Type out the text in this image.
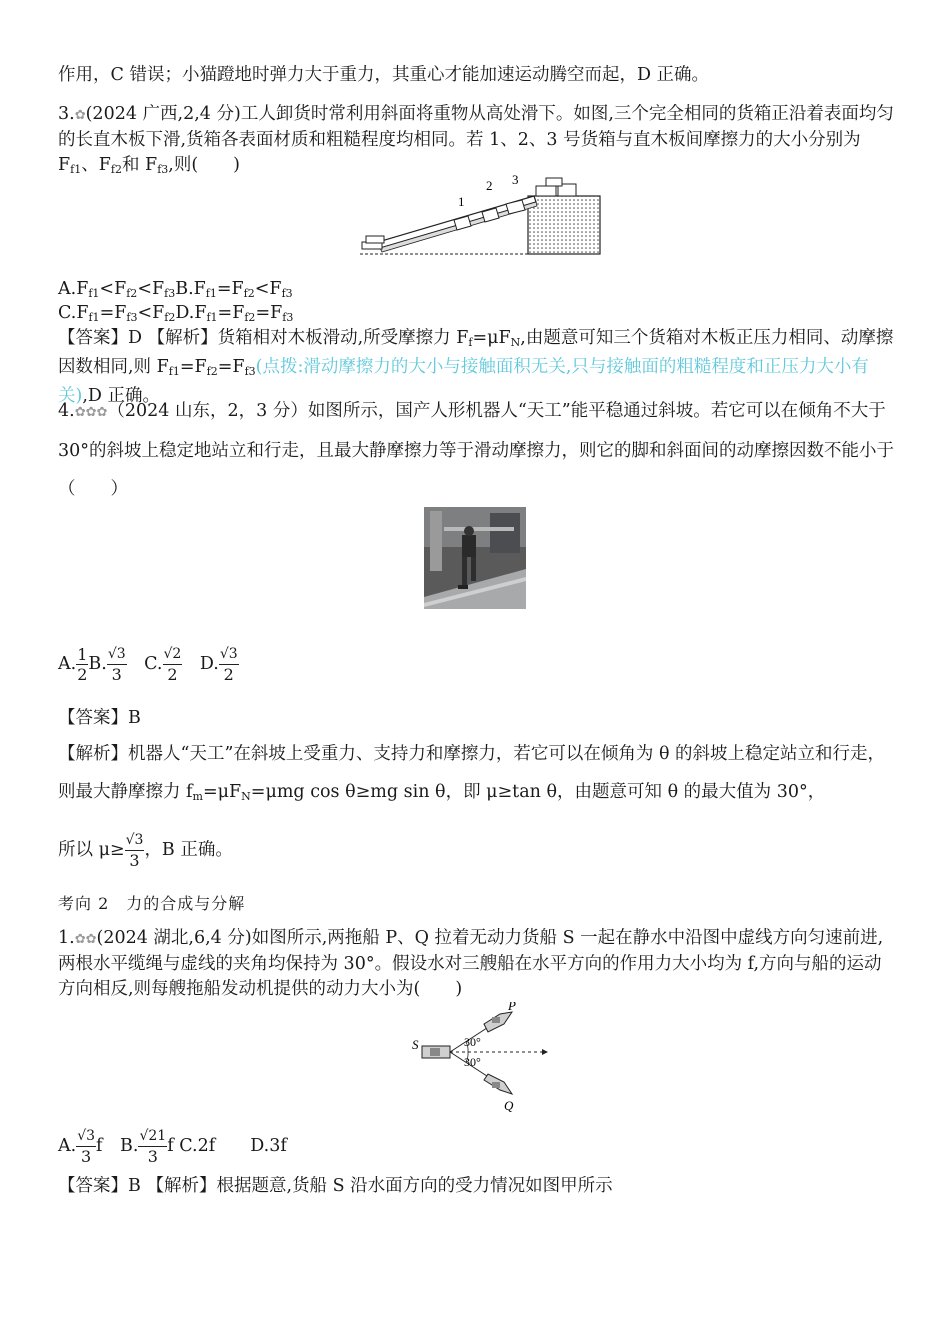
作用，C 错误；小猫蹬地时弹力大于重力，其重心才能加速运动腾空而起，D 正确。
3.✿(2024 广西,2,4 分)工人卸货时常利用斜面将重物从高处滑下。如图,三个完全相同的货箱正沿着表面均匀的长直木板下滑,货箱各表面材质和粗糙程度均相同。若 1、2、3 号货箱与直木板间摩擦力的大小分别为 $F_{f1}$、$F_{f2}$和 $F_{f3}$,则(　　)
1
2 3
$A.F_{f1}<F_{f2}<F_{f3}B.F_{f1}=F_{f2}<F_{f3}$
$C.F_{f1}=F_{f3}<F_{f2}D.F_{f1}=F_{f2}=F_{f3}$
【答案】D 【解析】货箱相对木板滑动,所受摩擦力 $F_f=\mu F_N$,由题意可知三个货箱对木板正压力相同、动摩擦因数相同,则 $F_{f1}=F_{f2}=F_{f3}$(点拨:滑动摩擦力的大小与接触面积无关,只与接触面的粗糙程度和正压力大小有关),D 正确。
4.✿✿✿（2024 山东，2，3 分）如图所示，国产人形机器人“天工”能平稳通过斜坡。若它可以在倾角不大于 30°的斜坡上稳定地站立和行走，且最大静摩擦力等于滑动摩擦力，则它的脚和斜面间的动摩擦因数不能小于（　　）
A. $\frac{1}{2} B$. $\frac{√3}{3}$
　 C. $\frac{√2}{2}$
　 D. $\frac{√3}{2}$
【答案】B
【解析】机器人“天工”在斜坡上受重力、支持力和摩擦力，若它可以在倾角为 θ 的斜坡上稳定站立和行走，则最大静摩擦力 $f_m=\mu F_N=\mu mg$ cos θ≥mg sin θ，即 μ≥tan θ，由题意可知 θ 的最大值为 30°，
所以 $\mu\ge \frac{√3}{3}$ ，B 正确。
考向 2　力的合成与分解
1.✿✿(2024 湖北,6,4 分)如图所示,两拖船 P、Q 拉着无动力货船 S 一起在静水中沿图中虚线方向匀速前进,两根水平缆绳与虚线的夹角均保持为 30°。假设水对三艘船在水平方向的作用力大小均为 f,方向与船的运动方向相反,则每艘拖船发动机提供的动力大小为(　　)
S
P
Q
30°
30°
A. $\frac{√3}{3}$ f　 B. $\frac{√21}{3}$ f C.2f　　 D.3f
【答案】B 【解析】根据题意,货船 S 沿水面方向的受力情况如图甲所示
